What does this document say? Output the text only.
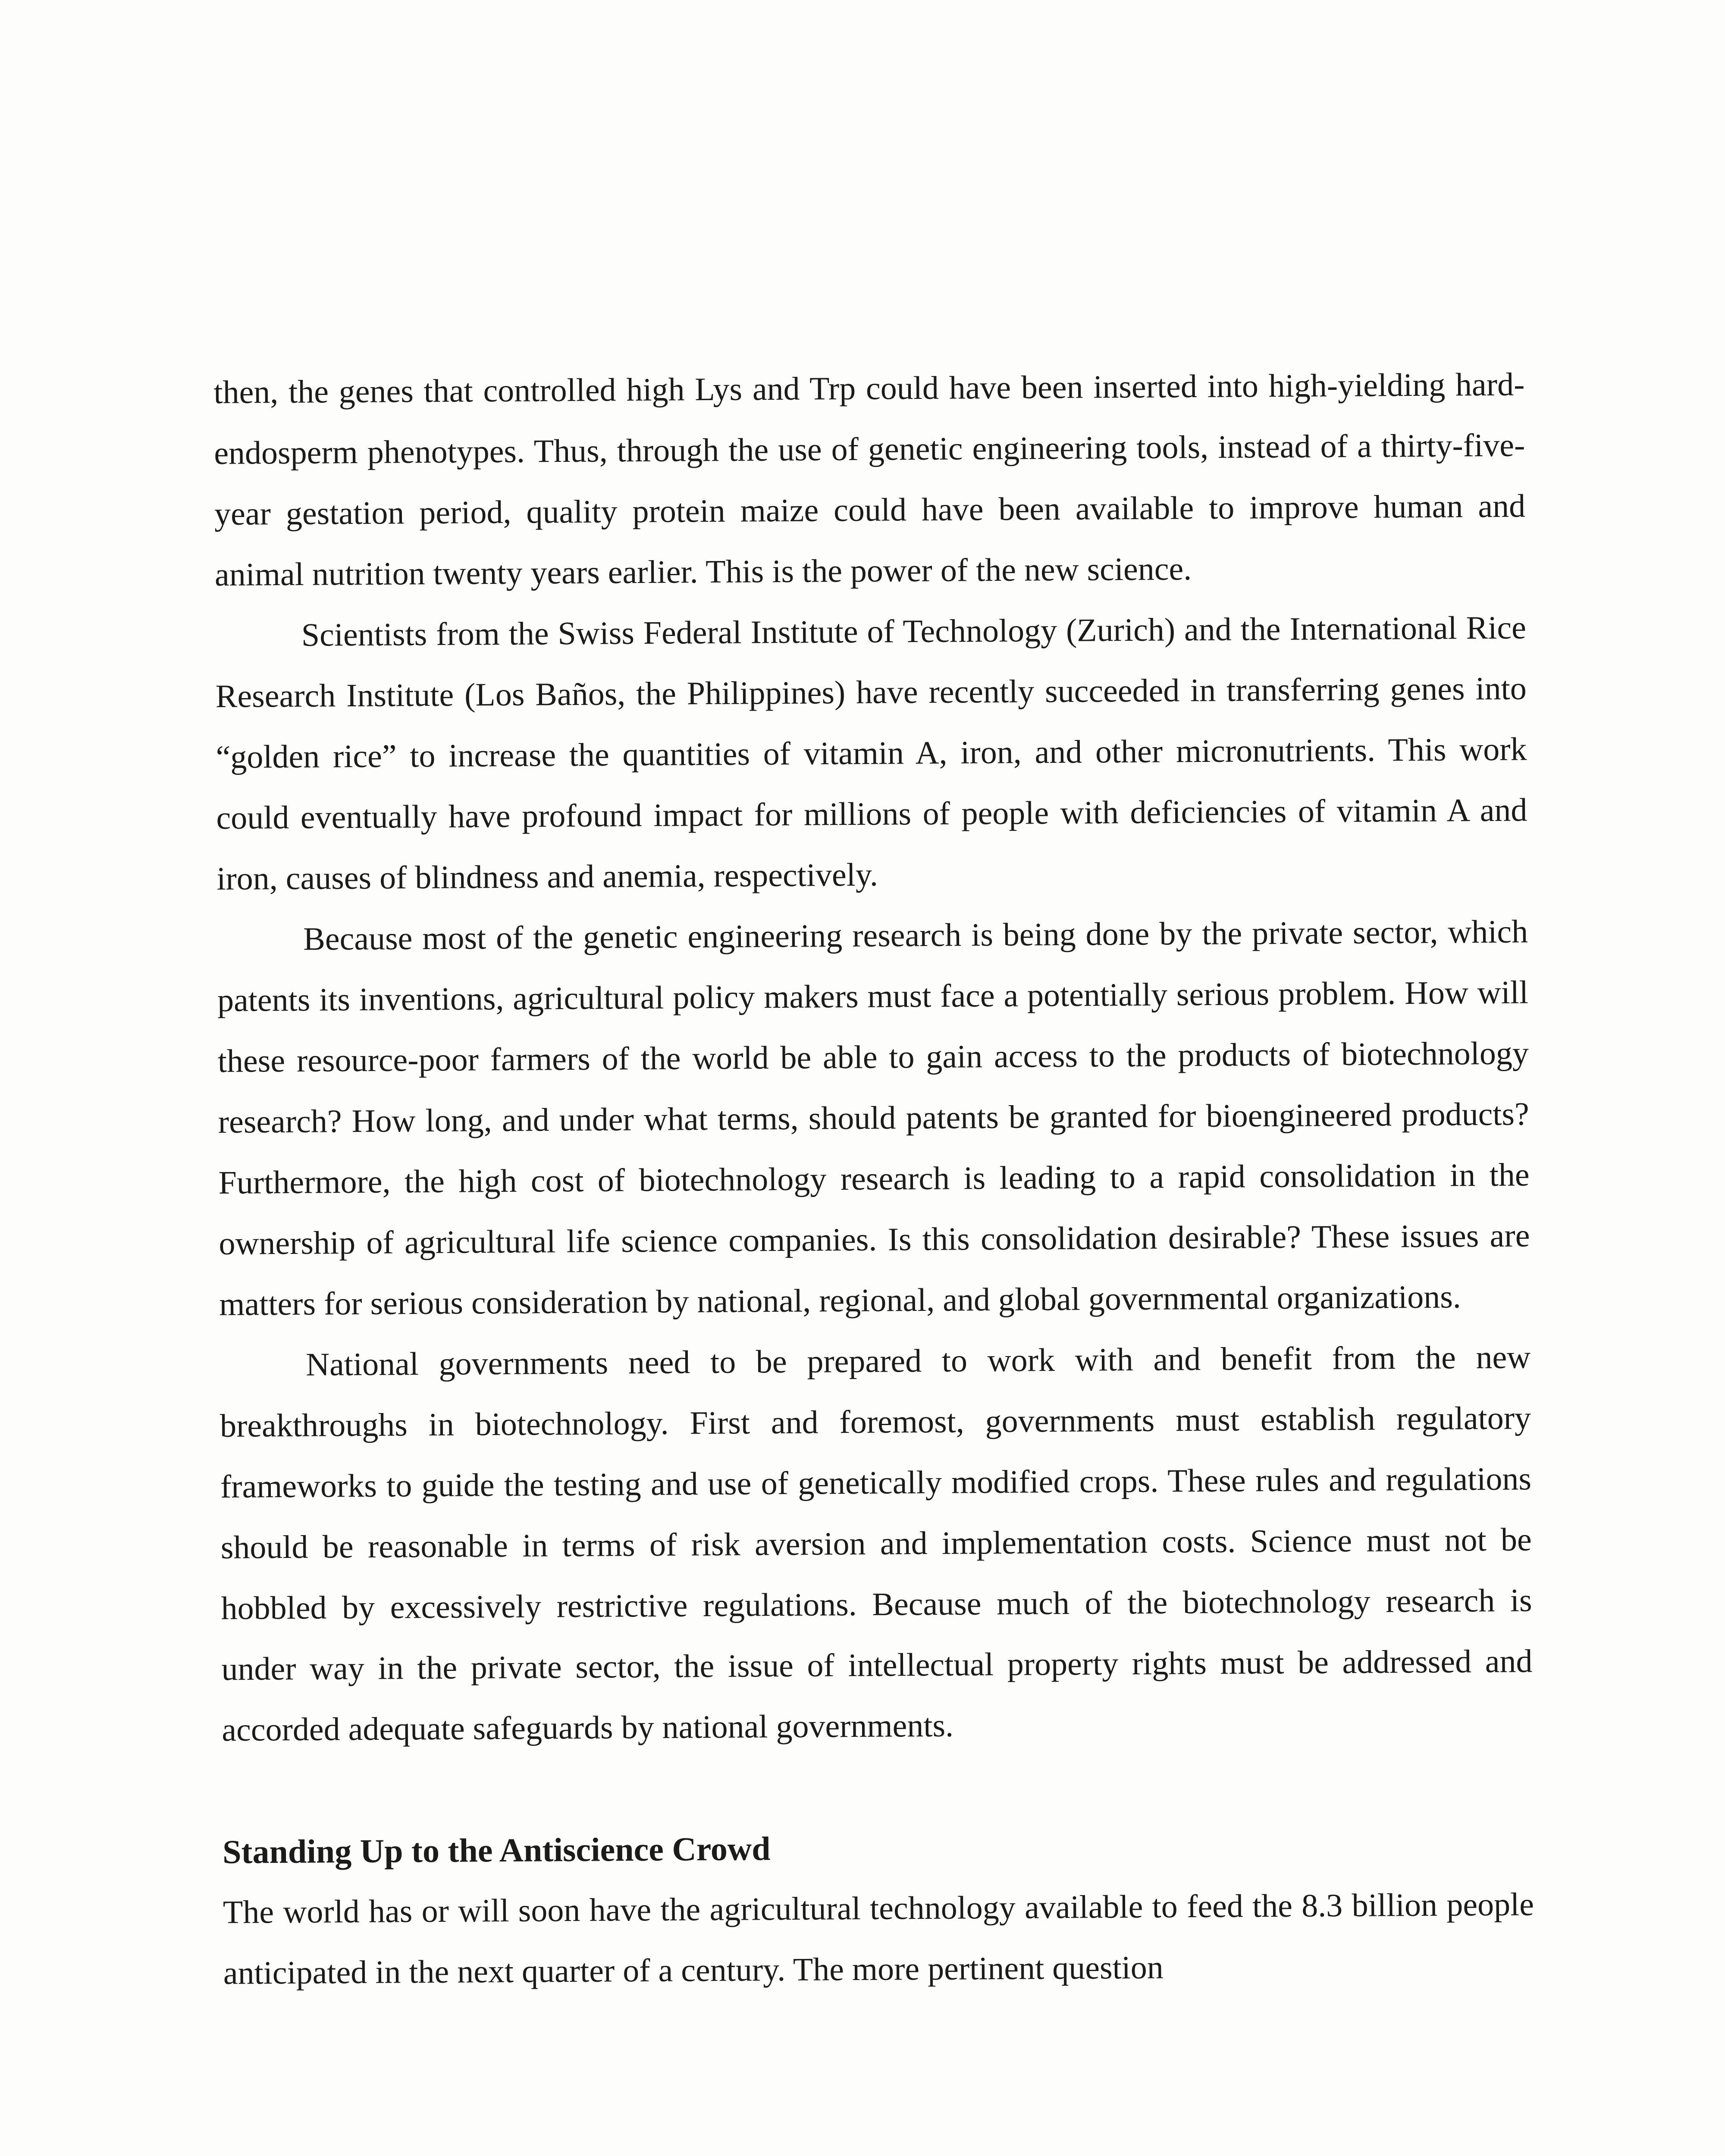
then, the genes that controlled high Lys and Trp could have been inserted into high-yielding hard-endosperm phenotypes. Thus, through the use of genetic engineering tools, instead of a thirty-five-year gestation period, quality protein maize could have been available to improve human and animal nutrition twenty years earlier. This is the power of the new science.

Scientists from the Swiss Federal Institute of Technology (Zurich) and the International Rice Research Institute (Los Baños, the Philippines) have recently succeeded in transferring genes into “golden rice” to increase the quantities of vitamin A, iron, and other micronutrients. This work could eventually have profound impact for millions of people with deficiencies of vitamin A and iron, causes of blindness and anemia, respectively.

Because most of the genetic engineering research is being done by the private sector, which patents its inventions, agricultural policy makers must face a potentially serious problem. How will these resource-poor farmers of the world be able to gain access to the products of biotechnology research? How long, and under what terms, should patents be granted for bioengineered products? Furthermore, the high cost of biotechnology research is leading to a rapid consolidation in the ownership of agricultural life science companies. Is this consolidation desirable? These issues are matters for serious consideration by national, regional, and global governmental organizations.

National governments need to be prepared to work with and benefit from the new breakthroughs in biotechnology. First and foremost, governments must establish regulatory frameworks to guide the testing and use of genetically modified crops. These rules and regulations should be reasonable in terms of risk aversion and implementation costs. Science must not be hobbled by excessively restrictive regulations. Because much of the biotechnology research is under way in the private sector, the issue of intellectual property rights must be addressed and accorded adequate safeguards by national governments.

Standing Up to the Antiscience Crowd

The world has or will soon have the agricultural technology available to feed the 8.3 billion people anticipated in the next quarter of a century. The more pertinent question
